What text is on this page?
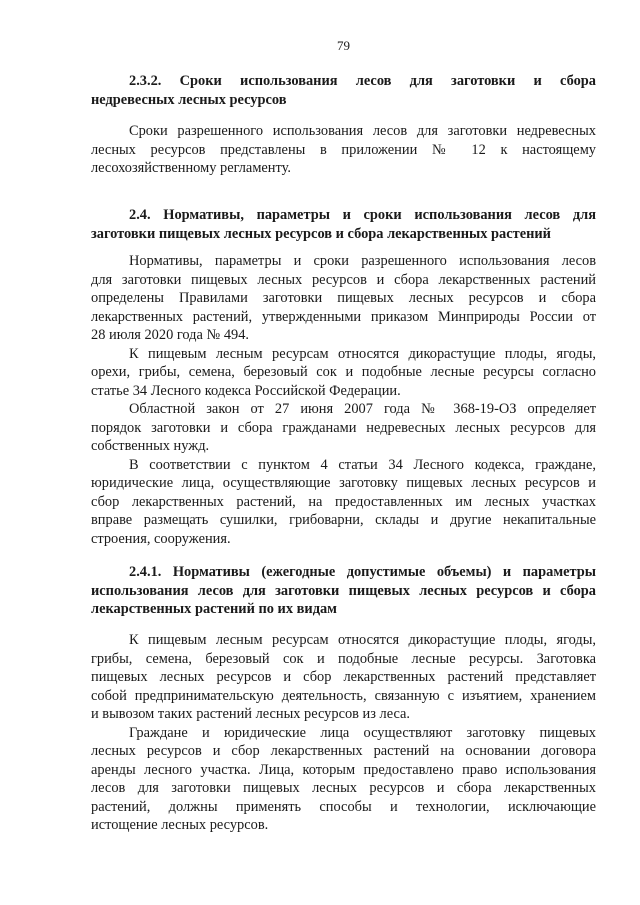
79
2.3.2. Сроки использования лесов для заготовки и сбора
недревесных лесных ресурсов
Сроки разрешенного использования лесов для заготовки недревесных
лесных ресурсов представлены в приложении № 12 к настоящему
лесохозяйственному регламенту.
2.4. Нормативы, параметры и сроки использования лесов для
заготовки пищевых лесных ресурсов и сбора лекарственных растений
Нормативы, параметры и сроки разрешенного использования лесов
для заготовки пищевых лесных ресурсов и сбора лекарственных растений
определены Правилами заготовки пищевых лесных ресурсов и сбора
лекарственных растений, утвержденными приказом Минприроды России от
28 июля 2020 года № 494.
К пищевым лесным ресурсам относятся дикорастущие плоды, ягоды,
орехи, грибы, семена, березовый сок и подобные лесные ресурсы согласно
статье 34 Лесного кодекса Российской Федерации.
Областной закон от 27 июня 2007 года № 368-19-ОЗ определяет
порядок заготовки и сбора гражданами недревесных лесных ресурсов для
собственных нужд.
В соответствии с пунктом 4 статьи 34 Лесного кодекса, граждане,
юридические лица, осуществляющие заготовку пищевых лесных ресурсов и
сбор лекарственных растений, на предоставленных им лесных участках
вправе размещать сушилки, грибоварни, склады и другие некапитальные
строения, сооружения.
2.4.1. Нормативы (ежегодные допустимые объемы) и параметры
использования лесов для заготовки пищевых лесных ресурсов и сбора
лекарственных растений по их видам
К пищевым лесным ресурсам относятся дикорастущие плоды, ягоды,
грибы, семена, березовый сок и подобные лесные ресурсы. Заготовка
пищевых лесных ресурсов и сбор лекарственных растений представляет
собой предпринимательскую деятельность, связанную с изъятием, хранением
и вывозом таких растений лесных ресурсов из леса.
Граждане и юридические лица осуществляют заготовку пищевых
лесных ресурсов и сбор лекарственных растений на основании договора
аренды лесного участка. Лица, которым предоставлено право использования
лесов для заготовки пищевых лесных ресурсов и сбора лекарственных
растений, должны применять способы и технологии, исключающие
истощение лесных ресурсов.
